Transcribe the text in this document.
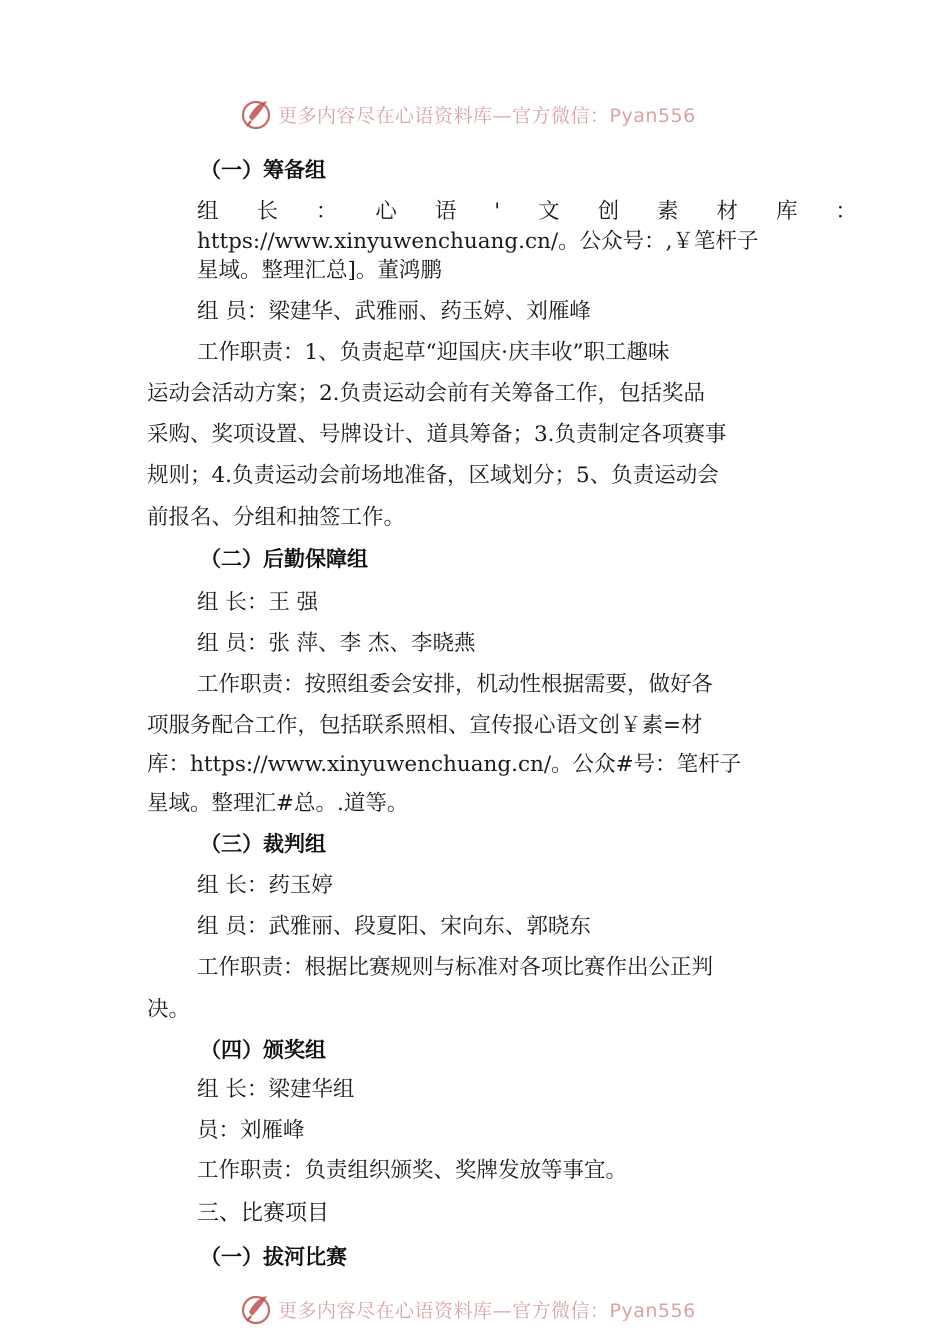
更多内容尽在心语资料库—官方微信：Pyan556
（一）筹备组
组 长 ： 心 语 ' 文 创 素 材 库 ：
https://www.xinyuwenchuang.cn/。公众号：,￥笔杆子
星域。整理汇总]。董鸿鹏
组 员：梁建华、武雅丽、药玉婷、刘雁峰
工作职责：1、负责起草“迎国庆·庆丰收”职工趣味
运动会活动方案；2.负责运动会前有关筹备工作，包括奖品
采购、奖项设置、号牌设计、道具筹备；3.负责制定各项赛事
规则；4.负责运动会前场地准备，区域划分；5、负责运动会
前报名、分组和抽签工作。
（二）后勤保障组
组 长：王 强
组 员：张 萍、李 杰、李晓燕
工作职责：按照组委会安排，机动性根据需要，做好各
项服务配合工作，包括联系照相、宣传报心语文创￥素=材
库：https://www.xinyuwenchuang.cn/。公众#号：笔杆子
星域。整理汇#总。.道等。
（三）裁判组
组 长：药玉婷
组 员：武雅丽、段夏阳、宋向东、郭晓东
工作职责：根据比赛规则与标准对各项比赛作出公正判
决。
（四）颁奖组
组 长：梁建华组
员：刘雁峰
工作职责：负责组织颁奖、奖牌发放等事宜。
三、比赛项目
（一）拔河比赛
更多内容尽在心语资料库—官方微信：Pyan556
